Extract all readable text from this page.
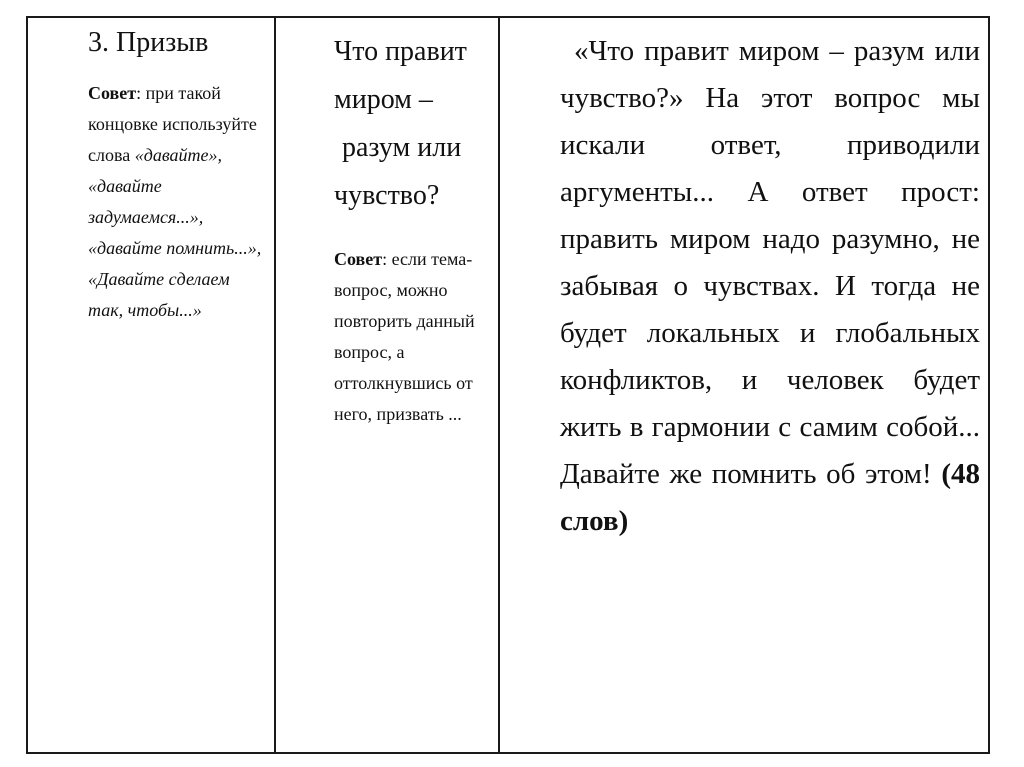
3. Призыв

Совет: при такой концовке используйте слова «давайте», «давайте задумаемся...», «давайте помнить...», «Давайте сделаем так, чтобы...»

Что правит миром –
разум или чувство?

Совет: если тема-вопрос, можно повторить данный вопрос, а оттолкнувшись от него, призвать ...

«Что правит миром – разум или чувство?» На этот вопрос мы искали ответ, приводили аргументы... А ответ прост: править миром надо разумно, не забывая о чувствах. И тогда не будет локальных и глобальных конфликтов, и человек будет жить в гармонии с самим собой... Давайте же помнить об этом! (48 слов)
